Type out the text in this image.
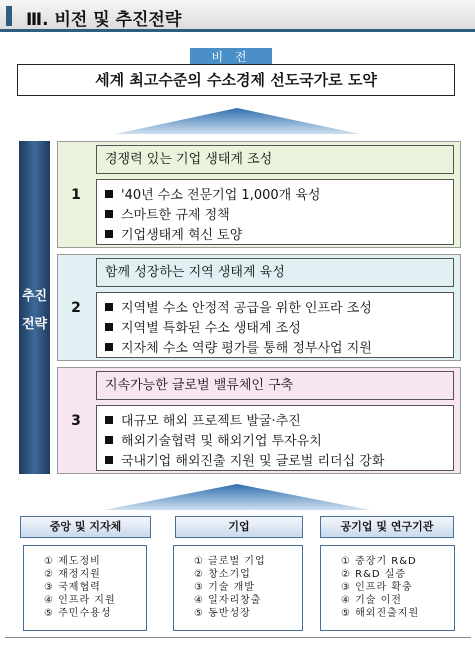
Ⅲ. 비전 및 추진전략
비 전
세계 최고수준의 수소경제 선도국가로 도약
추진
전략
1
경쟁력 있는 기업 생태계 조성
'40년 수소 전문기업 1,000개 육성
스마트한 규제 정책
기업생태계 혁신 토양
2
함께 성장하는 지역 생태계 육성
지역별 수소 안정적 공급을 위한 인프라 조성
지역별 특화된 수소 생태계 조성
지자체 수소 역량 평가를 통해 정부사업 지원
3
지속가능한 글로벌 밸류체인 구축
대규모 해외 프로젝트 발굴·추진
해외기술협력 및 해외기업 투자유치
국내기업 해외진출 지원 및 글로벌 리더십 강화
중앙 및 지자체	기업	공기업 및 연구기관
① 제도정비
② 재정지원
③ 국제협력
④ 인프라 지원
⑤ 주민수용성
① 글로벌 기업
② 창소기업
③ 기술 개발
④ 일자리창출
⑤ 동반성장
① 중장기 R&D
② R&D 실증
③ 인프라 확충
④ 기술 이전
⑤ 해외진출지원
